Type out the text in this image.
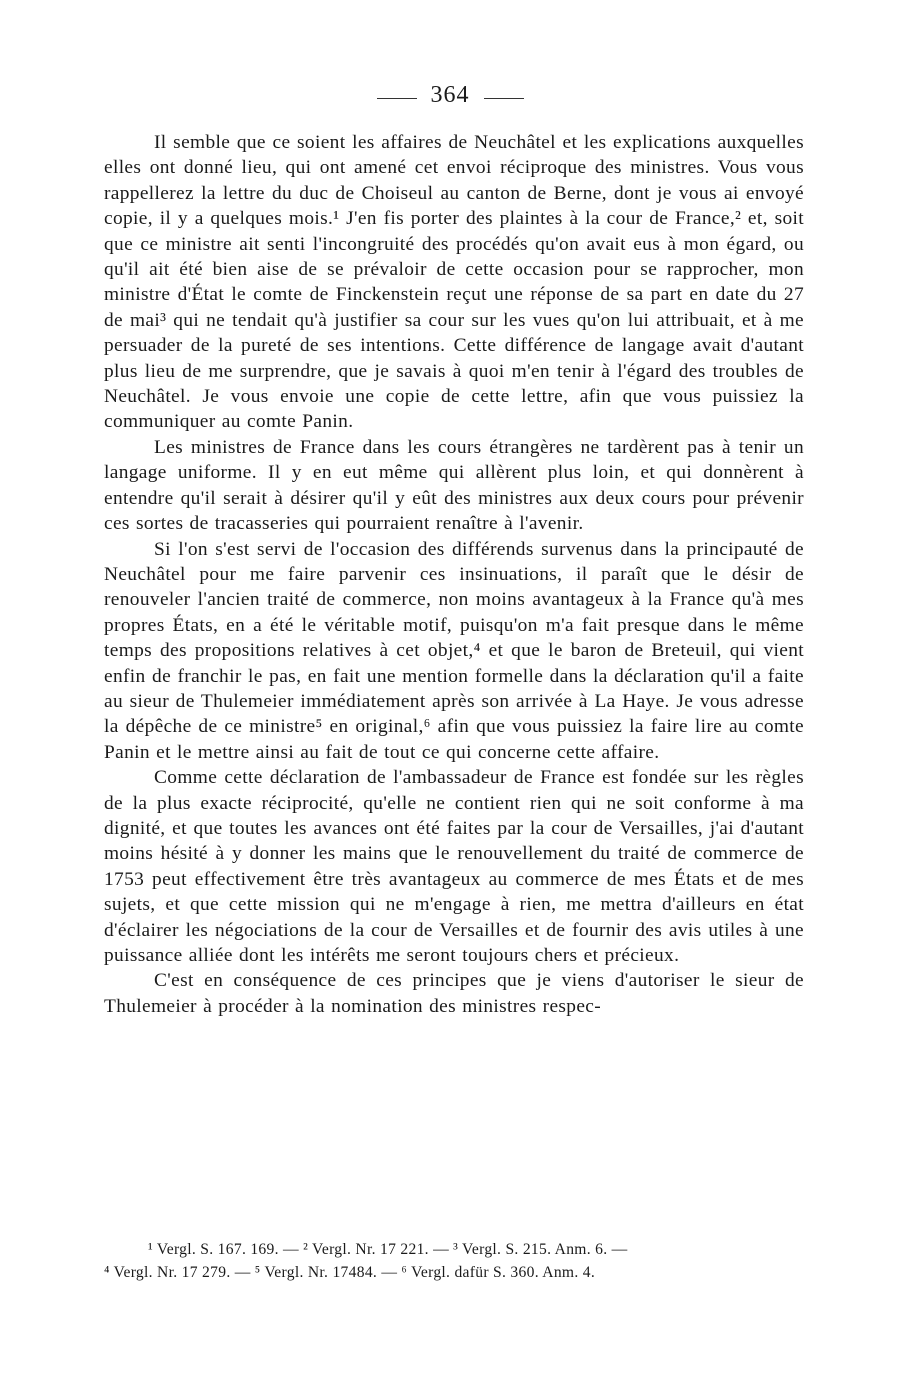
364

Il semble que ce soient les affaires de Neuchâtel et les explications auxquelles elles ont donné lieu, qui ont amené cet envoi réciproque des ministres. Vous vous rappellerez la lettre du duc de Choiseul au canton de Berne, dont je vous ai envoyé copie, il y a quelques mois.¹ J'en fis porter des plaintes à la cour de France,² et, soit que ce ministre ait senti l'incongruité des procédés qu'on avait eus à mon égard, ou qu'il ait été bien aise de se prévaloir de cette occasion pour se rapprocher, mon ministre d'État le comte de Finckenstein reçut une réponse de sa part en date du 27 de mai³ qui ne tendait qu'à justifier sa cour sur les vues qu'on lui attribuait, et à me persuader de la pureté de ses intentions. Cette différence de langage avait d'autant plus lieu de me surprendre, que je savais à quoi m'en tenir à l'égard des troubles de Neuchâtel. Je vous envoie une copie de cette lettre, afin que vous puissiez la communiquer au comte Panin.

Les ministres de France dans les cours étrangères ne tardèrent pas à tenir un langage uniforme. Il y en eut même qui allèrent plus loin, et qui donnèrent à entendre qu'il serait à désirer qu'il y eût des ministres aux deux cours pour prévenir ces sortes de tracasseries qui pourraient renaître à l'avenir.

Si l'on s'est servi de l'occasion des différends survenus dans la principauté de Neuchâtel pour me faire parvenir ces insinuations, il paraît que le désir de renouveler l'ancien traité de commerce, non moins avantageux à la France qu'à mes propres États, en a été le véritable motif, puisqu'on m'a fait presque dans le même temps des propositions relatives à cet objet,⁴ et que le baron de Breteuil, qui vient enfin de franchir le pas, en fait une mention formelle dans la déclaration qu'il a faite au sieur de Thulemeier immédiatement après son arrivée à La Haye. Je vous adresse la dépêche de ce ministre⁵ en original,⁶ afin que vous puissiez la faire lire au comte Panin et le mettre ainsi au fait de tout ce qui concerne cette affaire.

Comme cette déclaration de l'ambassadeur de France est fondée sur les règles de la plus exacte réciprocité, qu'elle ne contient rien qui ne soit conforme à ma dignité, et que toutes les avances ont été faites par la cour de Versailles, j'ai d'autant moins hésité à y donner les mains que le renouvellement du traité de commerce de 1753 peut effectivement être très avantageux au commerce de mes États et de mes sujets, et que cette mission qui ne m'engage à rien, me mettra d'ailleurs en état d'éclairer les négociations de la cour de Versailles et de fournir des avis utiles à une puissance alliée dont les intérêts me seront toujours chers et précieux.

C'est en conséquence de ces principes que je viens d'autoriser le sieur de Thulemeier à procéder à la nomination des ministres respec-

¹ Vergl. S. 167. 169. — ² Vergl. Nr. 17 221. — ³ Vergl. S. 215. Anm. 6. —
⁴ Vergl. Nr. 17 279. — ⁵ Vergl. Nr. 17484. — ⁶ Vergl. dafür S. 360. Anm. 4.
